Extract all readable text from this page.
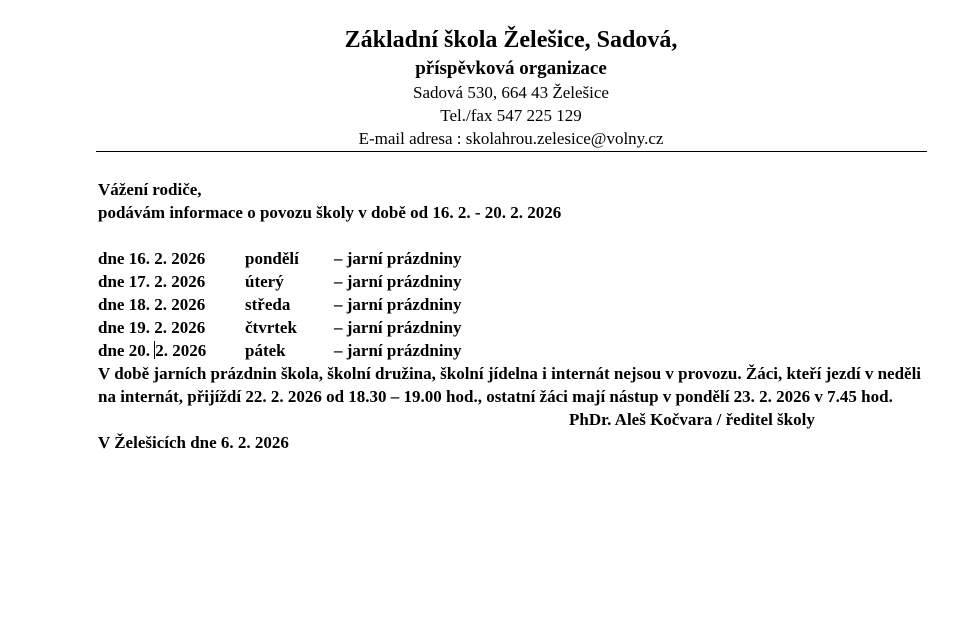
Základní škola Želešice, Sadová,
příspěvková organizace
Sadová 530, 664 43 Želešice
Tel./fax 547 225 129
E-mail adresa : skolahrou.zelesice@volny.cz

Vážení rodiče,

podávám informace o povozu školy v době od 16. 2. - 20. 2. 2026

dne 16. 2. 2026	pondělí	– jarní prázdniny
dne 17. 2. 2026	úterý	– jarní prázdniny
dne 18. 2. 2026	středa	– jarní prázdniny
dne 19. 2. 2026	čtvrtek	– jarní prázdniny
dne 20. 2. 2026	pátek	– jarní prázdniny

V době jarních prázdnin škola, školní družina, školní jídelna i internát nejsou v provozu. Žáci, kteří jezdí v neděli na internát, přijíždí 22. 2. 2026 od 18.30 – 19.00 hod., ostatní žáci mají nástup v pondělí 23. 2. 2026 v 7.45 hod.

PhDr. Aleš Kočvara / ředitel školy

V Želešicích dne 6. 2. 2026
